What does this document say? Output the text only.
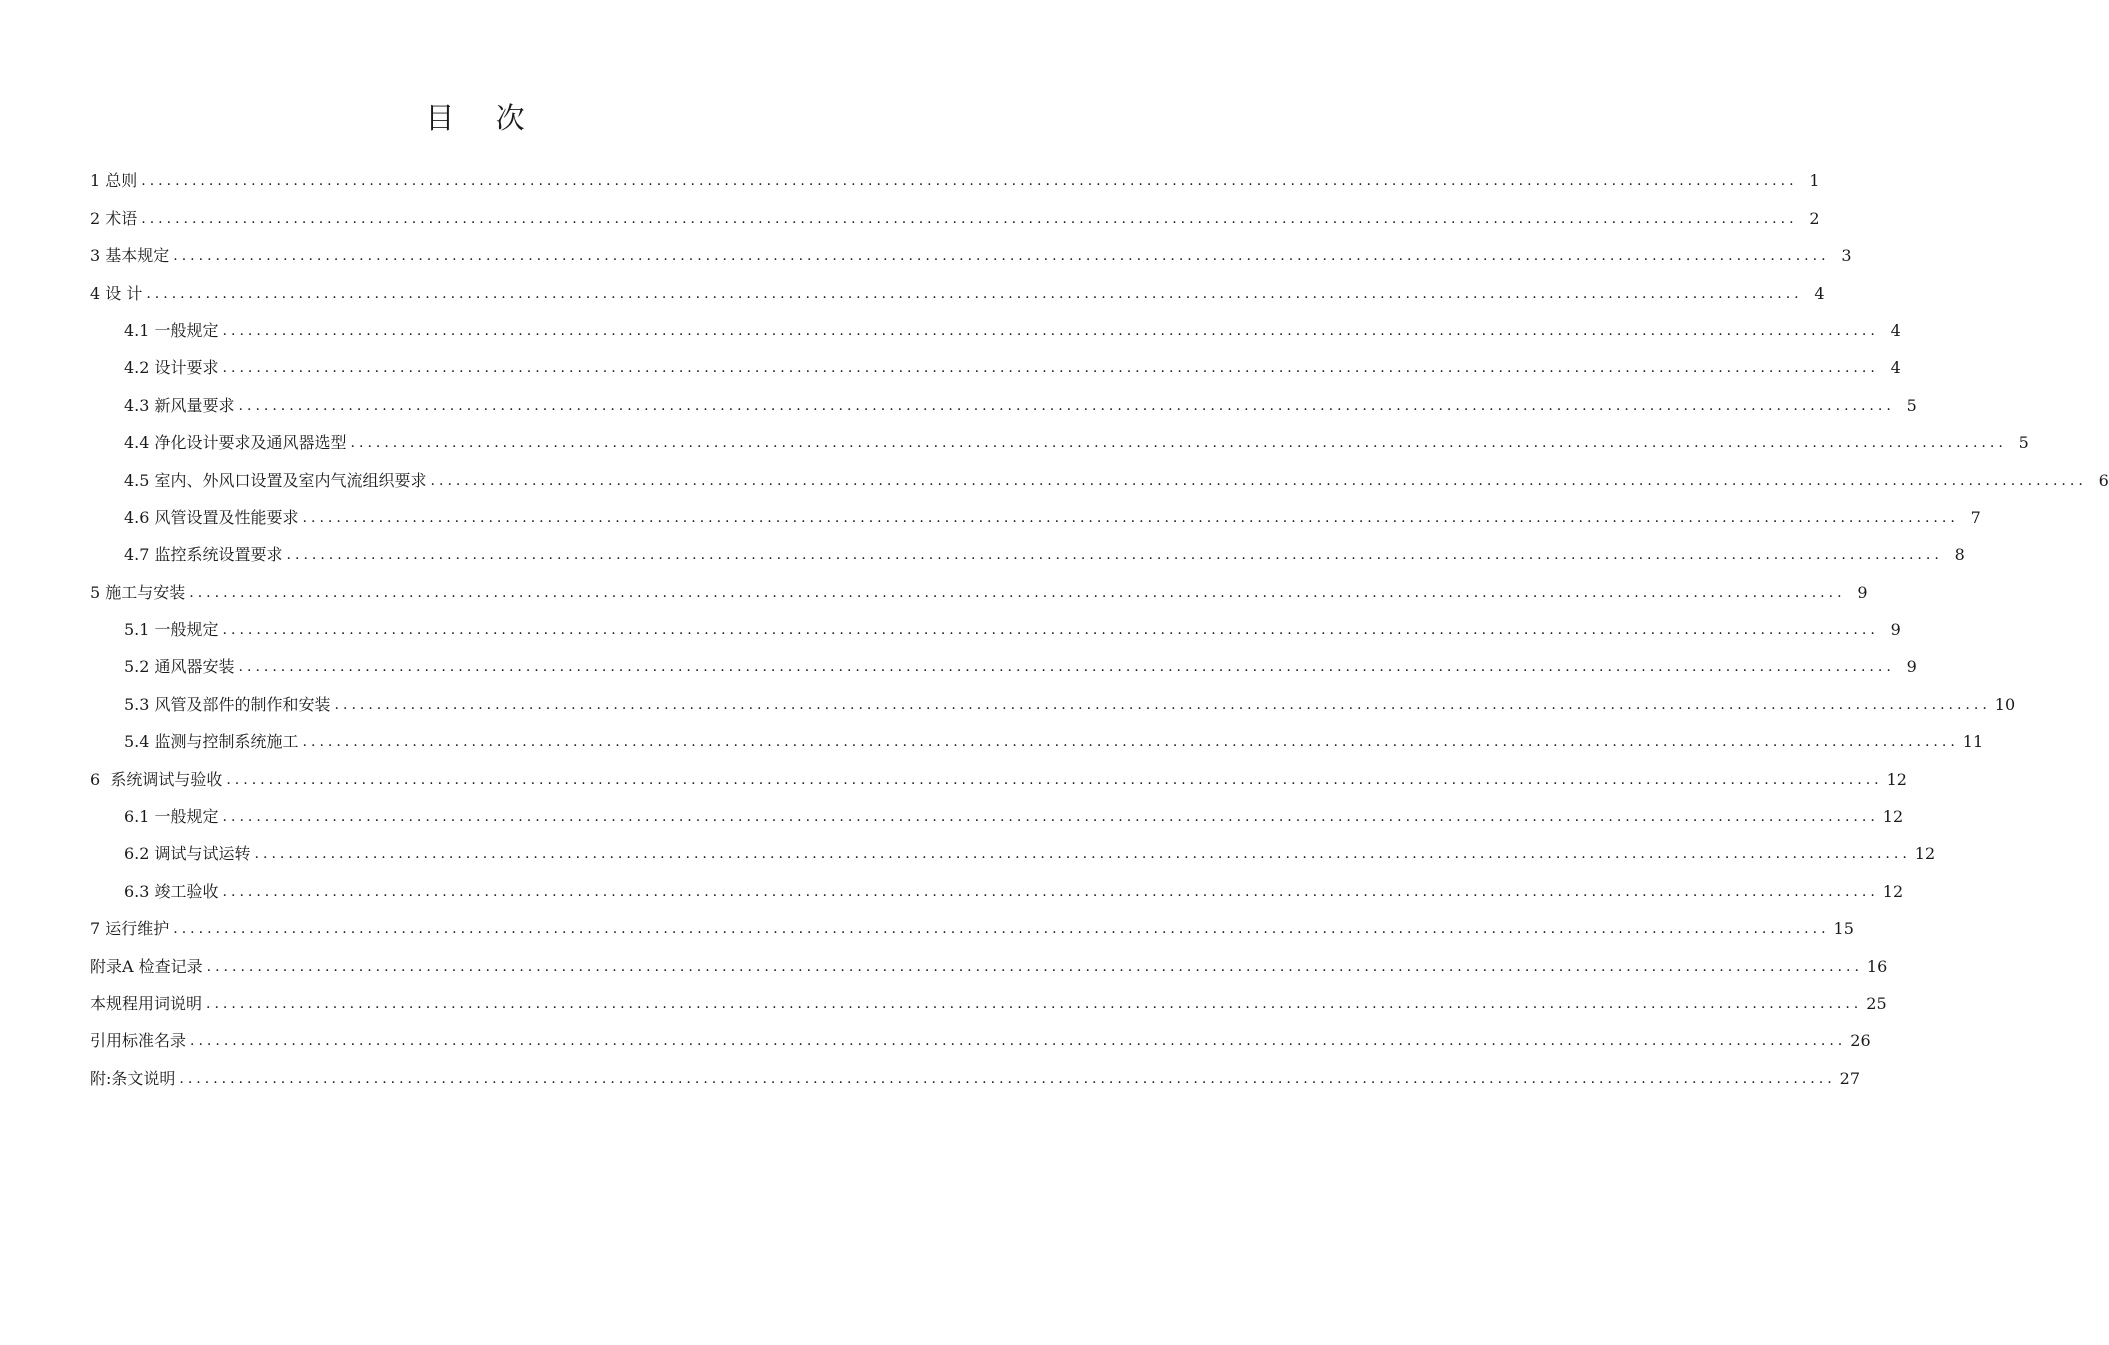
目 次
1 总则 .................................................................................................................................................................................................... 1
2 术语 .................................................................................................................................................................................................... 2
3 基本规定 .................................................................................................................................................................................................... 3
4 设 计 .................................................................................................................................................................................................... 4
4.1 一般规定 .................................................................................................................................................................................................... 4
4.2 设计要求 .................................................................................................................................................................................................... 4
4.3 新风量要求 .................................................................................................................................................................................................... 5
4.4 净化设计要求及通风器选型 .................................................................................................................................................................................................... 5
4.5 室内、外风口设置及室内气流组织要求 .................................................................................................................................................................................................... 6
4.6 风管设置及性能要求 .................................................................................................................................................................................................... 7
4.7 监控系统设置要求 .................................................................................................................................................................................................... 8
5 施工与安装 .................................................................................................................................................................................................... 9
5.1 一般规定 .................................................................................................................................................................................................... 9
5.2 通风器安装 .................................................................................................................................................................................................... 9
5.3 风管及部件的制作和安装 .................................................................................................................................................................................................... 10
5.4 监测与控制系统施工 .................................................................................................................................................................................................... 11
6  系统调试与验收 .................................................................................................................................................................................................... 12
6.1 一般规定 .................................................................................................................................................................................................... 12
6.2 调试与试运转 .................................................................................................................................................................................................... 12
6.3 竣工验收 .................................................................................................................................................................................................... 12
7 运行维护 .................................................................................................................................................................................................... 15
附录A 检查记录 .................................................................................................................................................................................................... 16
本规程用词说明 .................................................................................................................................................................................................... 25
引用标准名录 .................................................................................................................................................................................................... 26
附:条文说明 .................................................................................................................................................................................................... 27
